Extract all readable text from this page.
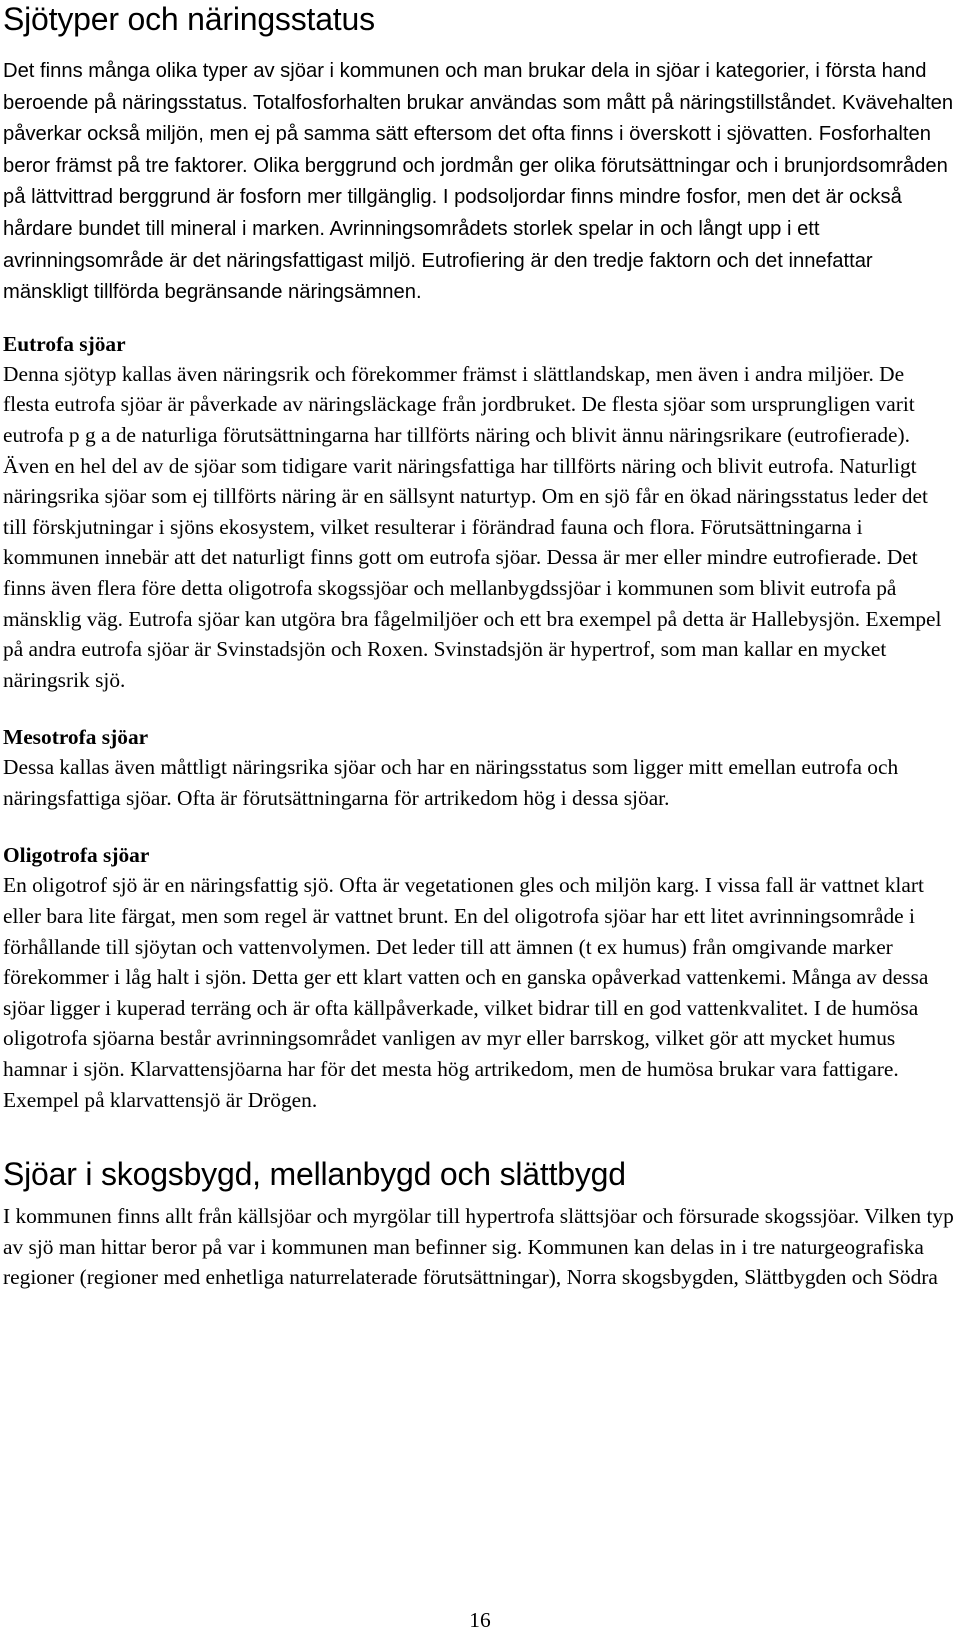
Sjötyper och näringsstatus

Det finns många olika typer av sjöar i kommunen och man brukar dela in sjöar i kategorier, i första hand beroende på näringsstatus. Totalfosforhalten brukar användas som mått på näringstillståndet. Kvävehalten påverkar också miljön, men ej på samma sätt eftersom det ofta finns i överskott i sjövatten. Fosforhalten beror främst på tre faktorer. Olika berggrund och jordmån ger olika förutsättningar och i brunjordsområden på lättvittrad berggrund är fosforn mer tillgänglig. I podsoljordar finns mindre fosfor, men det är också hårdare bundet till mineral i marken. Avrinningsområdets storlek spelar in och långt upp i ett avrinningsområde är det näringsfattigast miljö. Eutrofiering är den tredje faktorn och det innefattar mänskligt tillförda begränsande näringsämnen.

Eutrofa sjöar

Denna sjötyp kallas även näringsrik och förekommer främst i slättlandskap, men även i andra miljöer. De flesta eutrofa sjöar är påverkade av näringsläckage från jordbruket. De flesta sjöar som ursprungligen varit eutrofa p g a de naturliga förutsättningarna har tillförts näring och blivit ännu näringsrikare (eutrofierade). Även en hel del av de sjöar som tidigare varit näringsfattiga har tillförts näring och blivit eutrofa. Naturligt näringsrika sjöar som ej tillförts näring är en sällsynt naturtyp. Om en sjö får en ökad näringsstatus leder det till förskjutningar i sjöns ekosystem, vilket resulterar i förändrad fauna och flora. Förutsättningarna i kommunen innebär att det naturligt finns gott om eutrofa sjöar. Dessa är mer eller mindre eutrofierade. Det finns även flera före detta oligotrofa skogssjöar och mellanbygdssjöar i kommunen som blivit eutrofa på mänsklig väg. Eutrofa sjöar kan utgöra bra fågelmiljöer och ett bra exempel på detta är Hallebysjön. Exempel på andra eutrofa sjöar är Svinstadsjön och Roxen. Svinstadsjön är hypertrof, som man kallar en mycket näringsrik sjö.

Mesotrofa sjöar

Dessa kallas även måttligt näringsrika sjöar och har en näringsstatus som ligger mitt emellan eutrofa och näringsfattiga sjöar. Ofta är förutsättningarna för artrikedom hög i dessa sjöar.

Oligotrofa sjöar

En oligotrof sjö är en näringsfattig sjö. Ofta är vegetationen gles och miljön karg. I vissa fall är vattnet klart eller bara lite färgat, men som regel är vattnet brunt. En del oligotrofa sjöar har ett litet avrinningsområde i förhållande till sjöytan och vattenvolymen. Det leder till att ämnen (t ex humus) från omgivande marker förekommer i låg halt i sjön. Detta ger ett klart vatten och en ganska opåverkad vattenkemi. Många av dessa sjöar ligger i kuperad terräng och är ofta källpåverkade, vilket bidrar till en god vattenkvalitet. I de humösa oligotrofa sjöarna består avrinningsområdet vanligen av myr eller barrskog, vilket gör att mycket humus hamnar i sjön. Klarvattensjöarna har för det mesta hög artrikedom, men de humösa brukar vara fattigare. Exempel på klarvattensjö är Drögen.

Sjöar i skogsbygd, mellanbygd och slättbygd

I kommunen finns allt från källsjöar och myrgölar till hypertrofa slättsjöar och försurade skogssjöar. Vilken typ av sjö man hittar beror på var i kommunen man befinner sig. Kommunen kan delas in i tre naturgeografiska regioner (regioner med enhetliga naturrelaterade förutsättningar), Norra skogsbygden, Slättbygden och Södra

16
